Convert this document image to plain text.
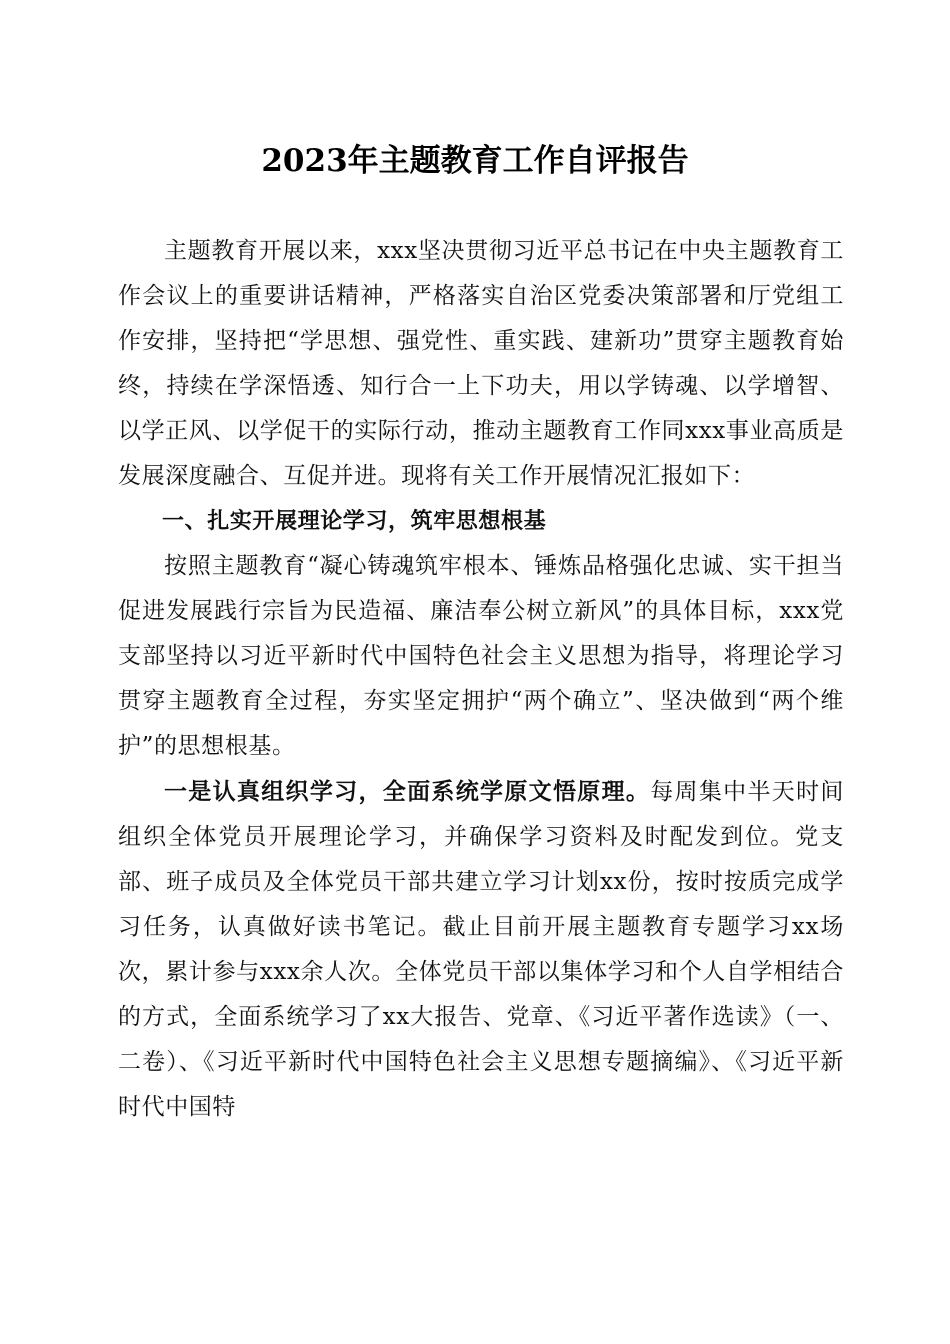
2023年主题教育工作自评报告

主题教育开展以来，xxx坚决贯彻习近平总书记在中央主题教育工作会议上的重要讲话精神，严格落实自治区党委决策部署和厅党组工作安排，坚持把“学思想、强党性、重实践、建新功”贯穿主题教育始终，持续在学深悟透、知行合一上下功夫，用以学铸魂、以学增智、以学正风、以学促干的实际行动，推动主题教育工作同xxx事业高质是发展深度融合、互促并进。现将有关工作开展情况汇报如下：

一、扎实开展理论学习，筑牢思想根基

按照主题教育“凝心铸魂筑牢根本、锤炼品格强化忠诚、实干担当促进发展践行宗旨为民造福、廉洁奉公树立新风”的具体目标，xxx党支部坚持以习近平新时代中国特色社会主义思想为指导，将理论学习贯穿主题教育全过程，夯实坚定拥护“两个确立”、坚决做到“两个维护”的思想根基。

一是认真组织学习，全面系统学原文悟原理。每周集中半天时间组织全体党员开展理论学习，并确保学习资料及时配发到位。党支部、班子成员及全体党员干部共建立学习计划xx份，按时按质完成学习任务，认真做好读书笔记。截止目前开展主题教育专题学习xx场次，累计参与xxx余人次。全体党员干部以集体学习和个人自学相结合的方式，全面系统学习了xx大报告、党章、《习近平著作选读》（一、二卷）、《习近平新时代中国特色社会主义思想专题摘编》、《习近平新时代中国特
